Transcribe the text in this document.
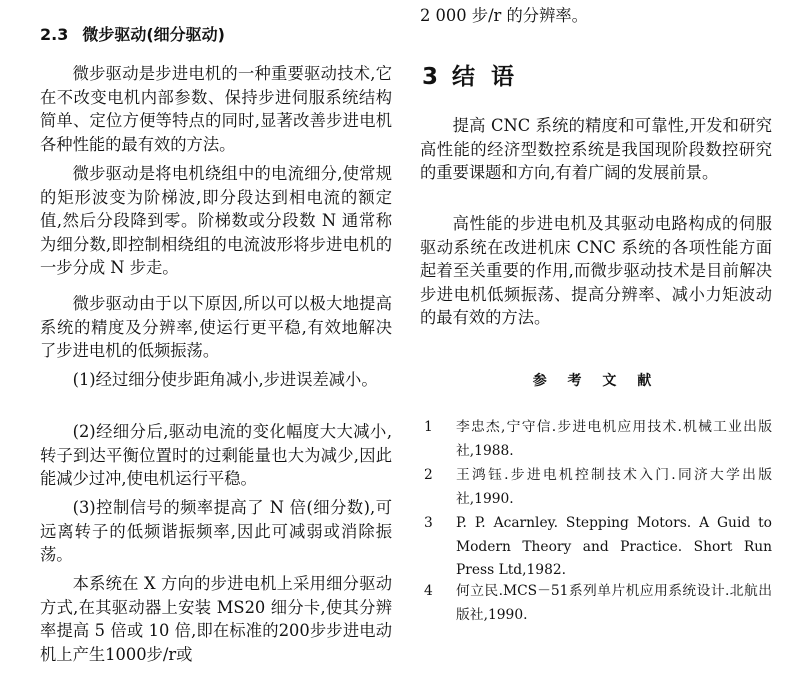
2.3 微步驱动(细分驱动)

微步驱动是步进电机的一种重要驱动技术,它在不改变电机内部参数、保持步进伺服系统结构简单、定位方便等特点的同时,显著改善步进电机各种性能的最有效的方法。

微步驱动是将电机绕组中的电流细分,使常规的矩形波变为阶梯波,即分段达到相电流的额定值,然后分段降到零。阶梯数或分段数 N 通常称为细分数,即控制相绕组的电流波形将步进电机的一步分成 N 步走。

微步驱动由于以下原因,所以可以极大地提高系统的精度及分辨率,使运行更平稳,有效地解决了步进电机的低频振荡。

(1)经过细分使步距角减小,步进误差减小。

(2)经细分后,驱动电流的变化幅度大大减小,转子到达平衡位置时的过剩能量也大为减少,因此能减少过冲,使电机运行平稳。

(3)控制信号的频率提高了 N 倍(细分数),可远离转子的低频谐振频率,因此可减弱或消除振荡。

本系统在 X 方向的步进电机上采用细分驱动方式,在其驱动器上安装 MS20 细分卡,使其分辨率提高 5 倍或 10 倍,即在标准的200步步进电动机上产生1000步/r或

2 000 步/r 的分辨率。

3 结 语

提高 CNC 系统的精度和可靠性,开发和研究高性能的经济型数控系统是我国现阶段数控研究的重要课题和方向,有着广阔的发展前景。

高性能的步进电机及其驱动电路构成的伺服驱动系统在改进机床 CNC 系统的各项性能方面起着至关重要的作用,而微步驱动技术是目前解决步进电机低频振荡、提高分辨率、减小力矩波动的最有效的方法。

参 考 文 献
1 李忠杰,宁守信.步进电机应用技术.机械工业出版社,1988.
2 王鸿钰.步进电机控制技术入门.同济大学出版社,1990.
3 P. P. Acarnley. Stepping Motors. A Guid to Modern Theory and Practice. Short Run Press Ltd,1982.
4 何立民.MCS－51系列单片机应用系统设计.北航出版社,1990.
